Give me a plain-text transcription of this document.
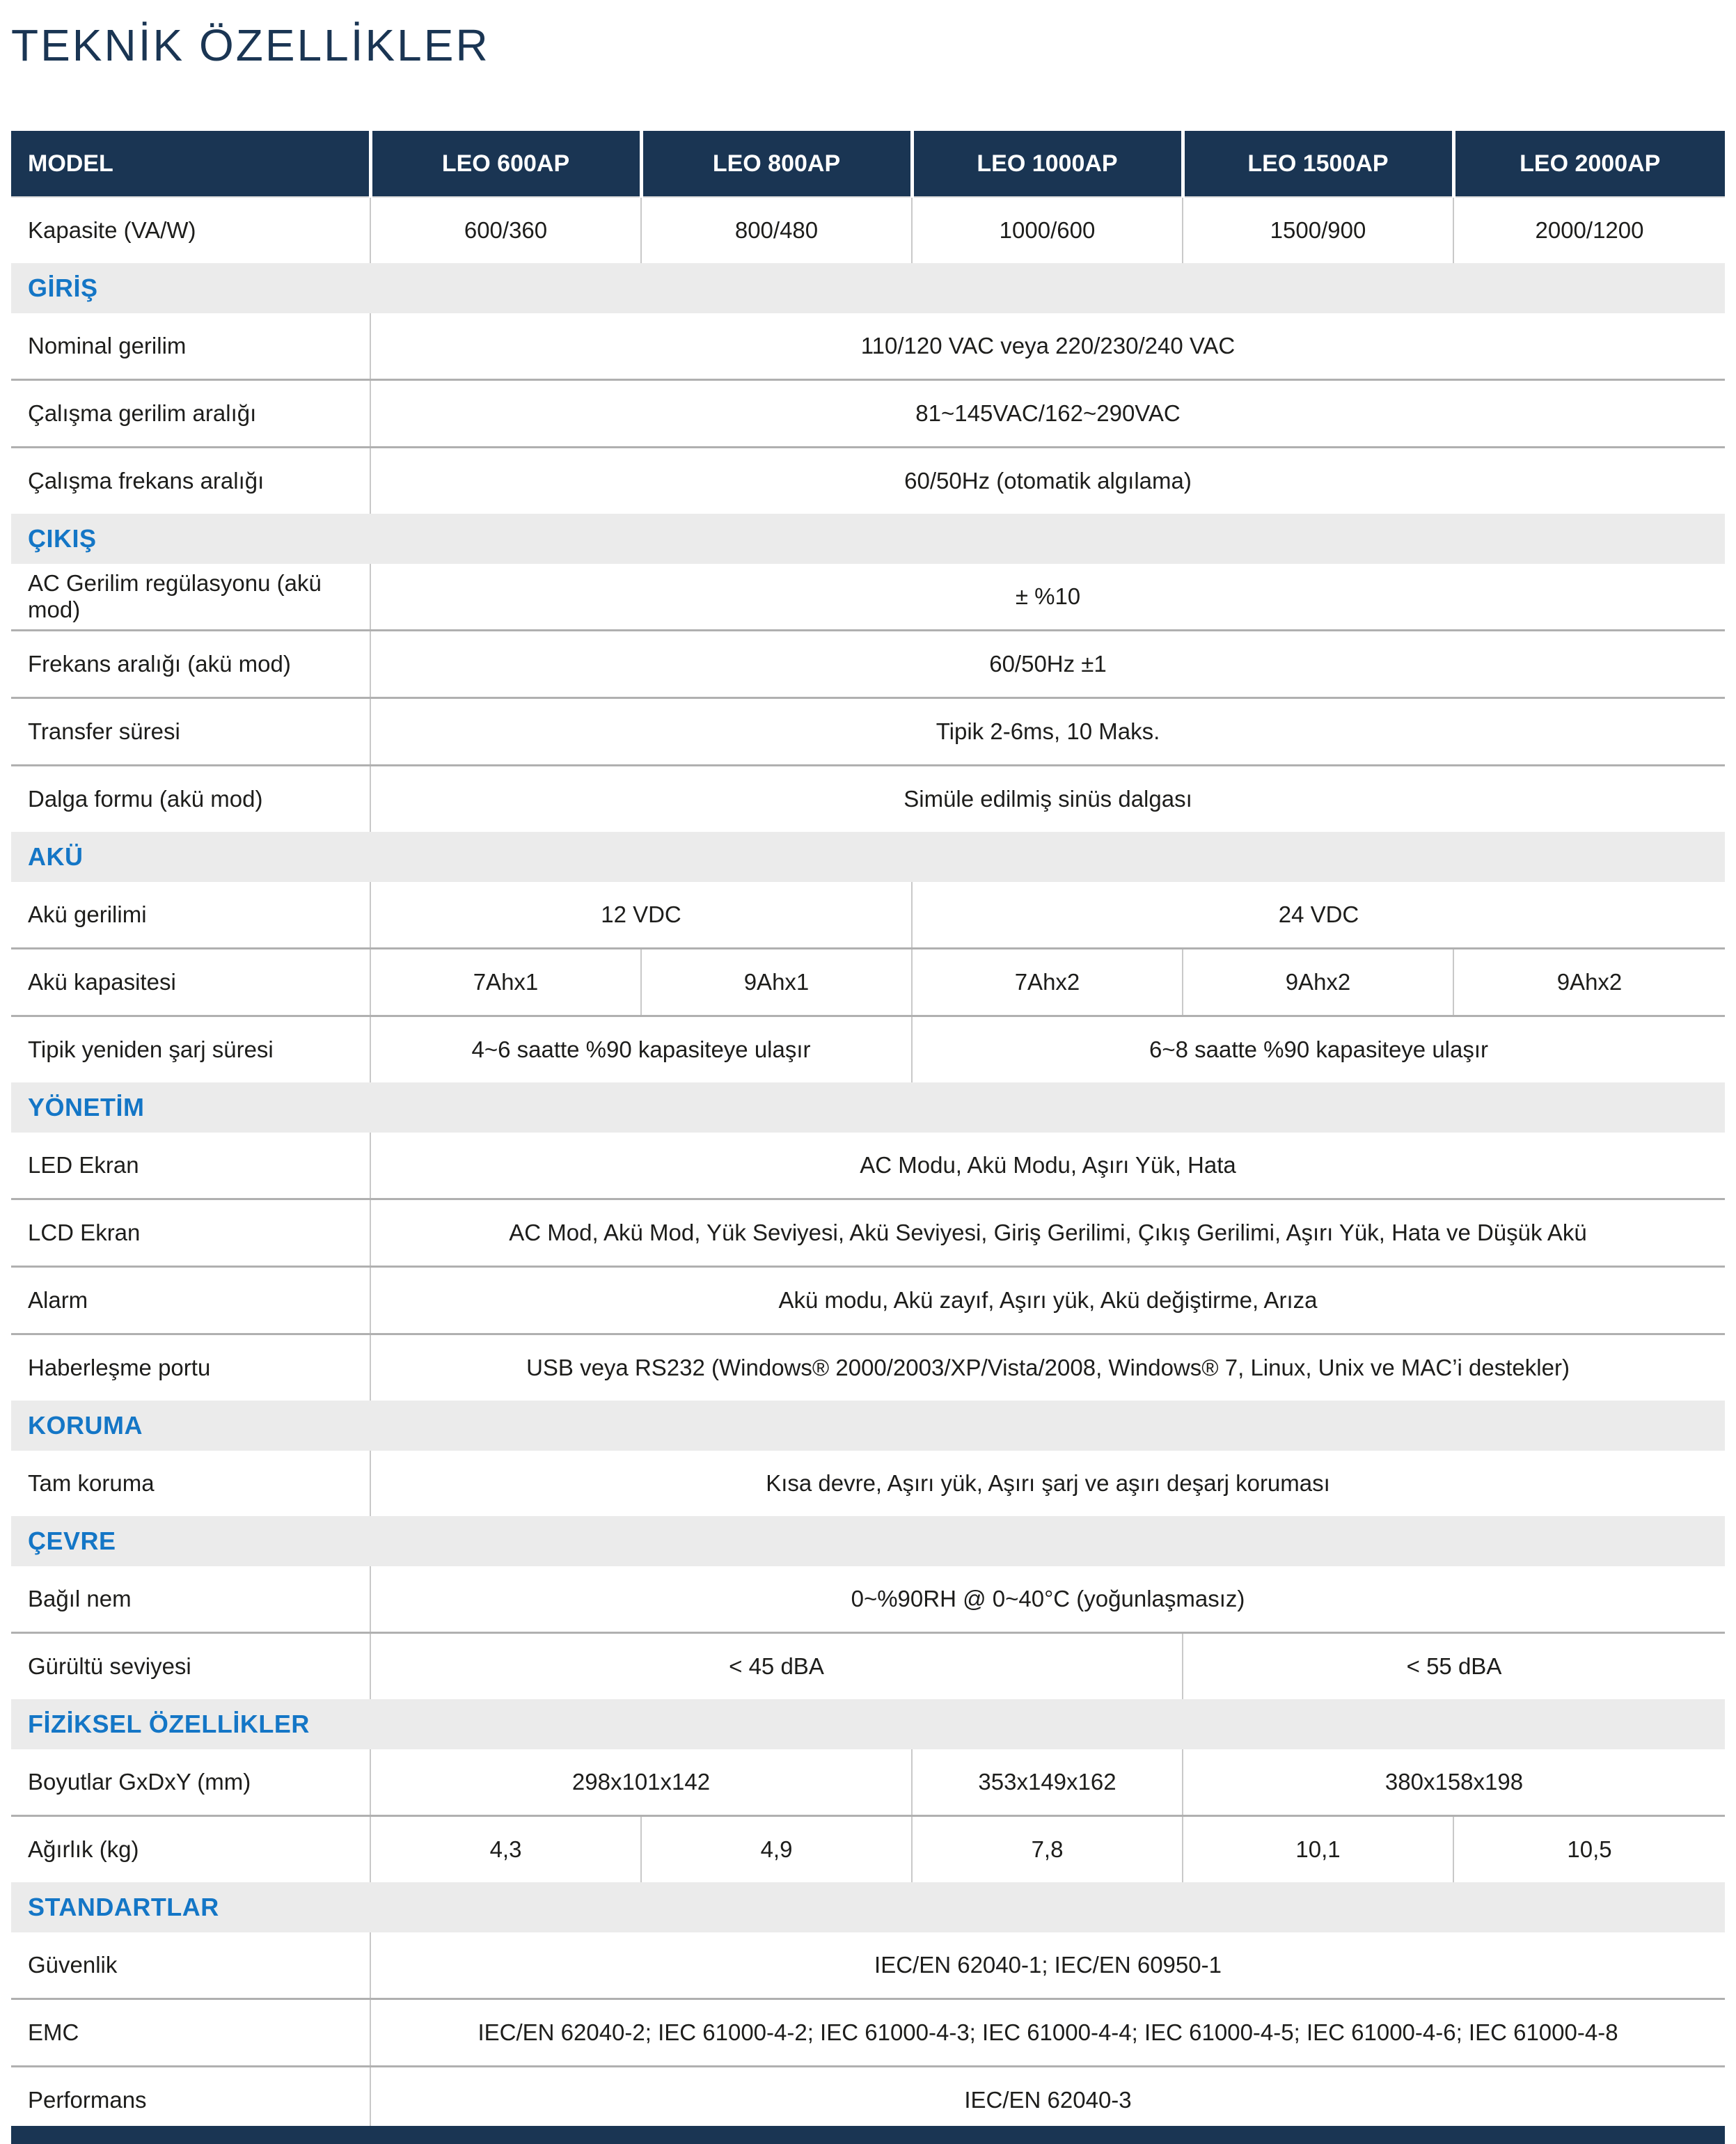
TEKNİK ÖZELLİKLER
MODEL	LEO 600AP	LEO 800AP	LEO 1000AP	LEO 1500AP	LEO 2000AP
Kapasite (VA/W)	600/360	800/480	1000/600	1500/900	2000/1200
GİRİŞ					
Nominal gerilim	110/120 VAC veya 220/230/240 VAC				
Çalışma gerilim aralığı	81~145VAC/162~290VAC				
Çalışma frekans aralığı	60/50Hz (otomatik algılama)				
ÇIKIŞ					
AC Gerilim regülasyonu (akü mod)	± %10				
Frekans aralığı (akü mod)	60/50Hz ±1				
Transfer süresi	Tipik 2-6ms, 10 Maks.				
Dalga formu (akü mod)	Simüle edilmiş sinüs dalgası				
AKÜ					
Akü gerilimi	12 VDC		24 VDC		
Akü kapasitesi	7Ahx1	9Ahx1	7Ahx2	9Ahx2	9Ahx2
Tipik yeniden şarj süresi	4~6 saatte %90 kapasiteye ulaşır		6~8 saatte %90 kapasiteye ulaşır		
YÖNETİM					
LED Ekran	AC Modu, Akü Modu, Aşırı Yük, Hata				
LCD Ekran	AC Mod, Akü Mod, Yük Seviyesi, Akü Seviyesi, Giriş Gerilimi, Çıkış Gerilimi, Aşırı Yük, Hata ve Düşük Akü				
Alarm	Akü modu, Akü zayıf, Aşırı yük, Akü değiştirme, Arıza				
Haberleşme portu	USB veya RS232 (Windows® 2000/2003/XP/Vista/2008, Windows® 7, Linux, Unix ve MAC’i destekler)				
KORUMA					
Tam koruma	Kısa devre, Aşırı yük, Aşırı şarj ve aşırı deşarj koruması				
ÇEVRE					
Bağıl nem	0~%90RH @ 0~40°C (yoğunlaşmasız)				
Gürültü seviyesi	< 45 dBA			< 55 dBA	
FİZİKSEL ÖZELLİKLER					
Boyutlar GxDxY (mm)	298x101x142		353x149x162	380x158x198	
Ağırlık (kg)	4,3	4,9	7,8	10,1	10,5
STANDARTLAR					
Güvenlik	IEC/EN 62040-1; IEC/EN 60950-1				
EMC	IEC/EN 62040-2; IEC 61000-4-2; IEC 61000-4-3; IEC 61000-4-4; IEC 61000-4-5; IEC 61000-4-6; IEC 61000-4-8				
Performans	IEC/EN 62040-3				
